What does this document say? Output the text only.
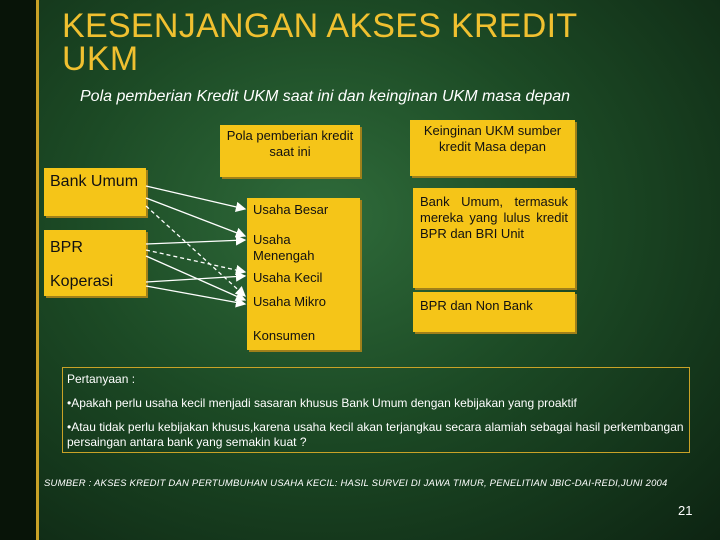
KESENJANGAN AKSES KREDIT UKM
Pola pemberian Kredit UKM saat ini dan keinginan UKM masa depan
Pola pemberian kredit saat ini
Keinginan UKM sumber kredit Masa depan
Bank Umum
BPR
Koperasi
Usaha Besar
Usaha Menengah
Usaha Kecil
Usaha Mikro
Konsumen
Bank Umum, termasuk mereka yang lulus kredit BPR dan BRI Unit
BPR dan Non Bank

Pertanyaan :

•Apakah perlu usaha kecil menjadi sasaran khusus Bank Umum dengan kebijakan yang proaktif

•Atau tidak perlu kebijakan khusus,karena usaha kecil akan terjangkau secara alamiah sebagai hasil perkembangan persaingan antara bank yang semakin kuat ?

SUMBER : AKSES KREDIT DAN PERTUMBUHAN USAHA KECIL: HASIL SURVEI DI JAWA TIMUR, PENELITIAN JBIC-DAI-REDI,JUNI 2004
21
